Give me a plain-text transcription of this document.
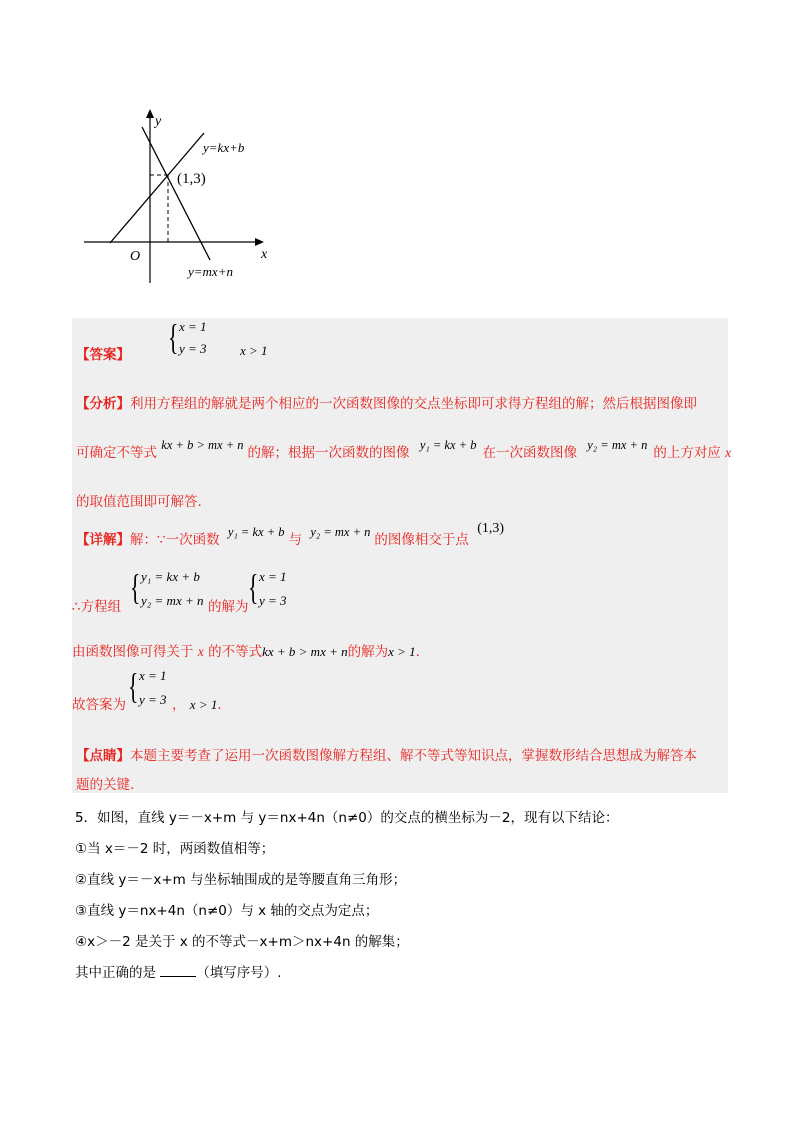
y
x
O
y=kx+b
(1,3)
y=mx+n
【答案】 { x = 1
y = 3	x > 1
【分析】利用方程组的解就是两个相应的一次函数图像的交点坐标即可求得方程组的解；然后根据图像即
可确定不等式 kx + b > mx + n 的解；根据一次函数的图像 y₁ = kx + b 在一次函数图像 y₂ = mx + n 的上方对应 x
的取值范围即可解答.
【详解】解：∵一次函数 y₁ = kx + b 与 y₂ = mx + n 的图像相交于点 (1,3)
∴方程组 { y₁ = kx + b
y₂ = mx + n 的解为 { x = 1
y = 3
由函数图像可得关于 x 的不等式kx + b > mx + n的解为x > 1.
故答案为 { x = 1
y = 3 ， x > 1.
【点睛】本题主要考查了运用一次函数图像解方程组、解不等式等知识点，掌握数形结合思想成为解答本
题的关键.
5．如图，直线 y＝－x+m 与 y＝nx+4n（n≠0）的交点的横坐标为－2，现有以下结论：
①当 x＝－2 时，两函数值相等；
②直线 y＝－x+m 与坐标轴围成的是等腰直角三角形；
③直线 y＝nx+4n（n≠0）与 x 轴的交点为定点；
④x＞－2 是关于 x 的不等式－x+m＞nx+4n 的解集；
其中正确的是	（填写序号）.
